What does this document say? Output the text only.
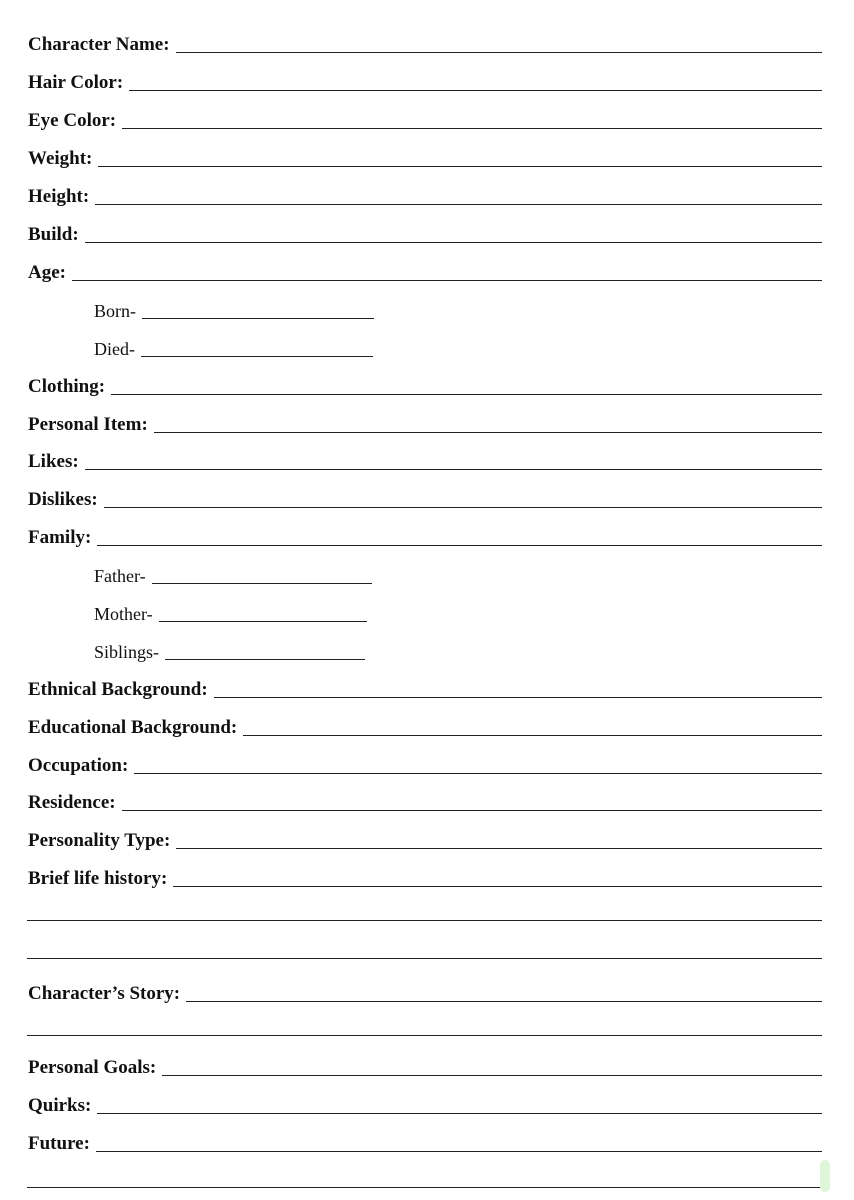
Character Name:
Hair Color:
Eye Color:
Weight:
Height:
Build:
Age:
Born-
Died-
Clothing:
Personal Item:
Likes:
Dislikes:
Family:
Father-
Mother-
Siblings-
Ethnical Background:
Educational Background:
Occupation:
Residence:
Personality Type:
Brief life history:
Character’s Story:
Personal Goals:
Quirks:
Future:
